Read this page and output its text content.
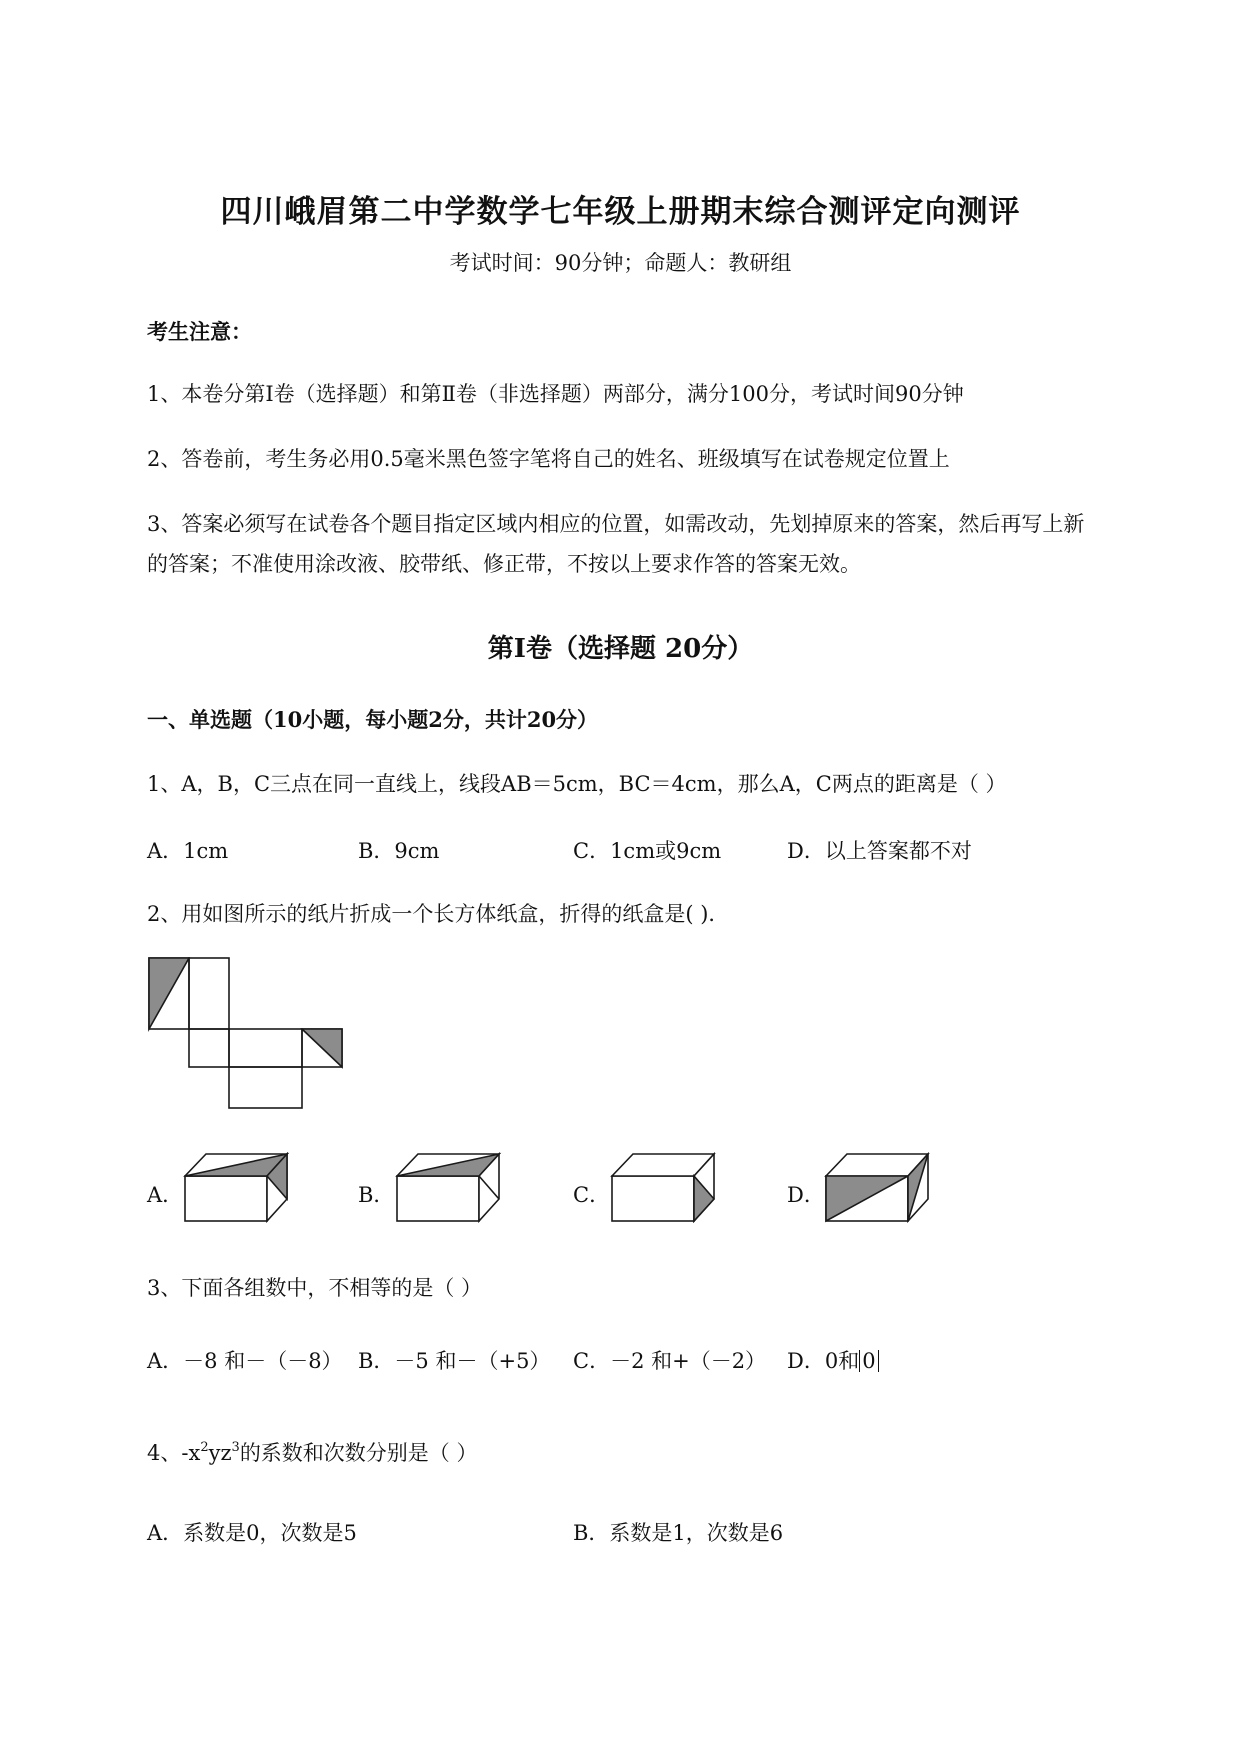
四川峨眉第二中学数学七年级上册期末综合测评定向测评
考试时间：90分钟；命题人：教研组
考生注意：
1、本卷分第I卷（选择题）和第Ⅱ卷（非选择题）两部分，满分100分，考试时间90分钟
2、答卷前，考生务必用0.5毫米黑色签字笔将自己的姓名、班级填写在试卷规定位置上
3、答案必须写在试卷各个题目指定区域内相应的位置，如需改动，先划掉原来的答案，然后再写上新
的答案；不准使用涂改液、胶带纸、修正带，不按以上要求作答的答案无效。
第I卷（选择题 20分）
一、单选题（10小题，每小题2分，共计20分）
1、A，B，C三点在同一直线上，线段AB＝5cm，BC＝4cm，那么A，C两点的距离是（ ）
A．1cm	B．9cm	C．1cm或9cm	D．以上答案都不对
2、用如图所示的纸片折成一个长方体纸盒，折得的纸盒是( )．
A．	B．	C．	D．
3、下面各组数中，不相等的是（ ）
A．－8 和－（－8） B．－5 和－（+5） C．－2 和+（－2） D．0和 0
4、$-x^2yz^3$的系数和次数分别是（ ）
A．系数是0，次数是5	B．系数是1，次数是6
